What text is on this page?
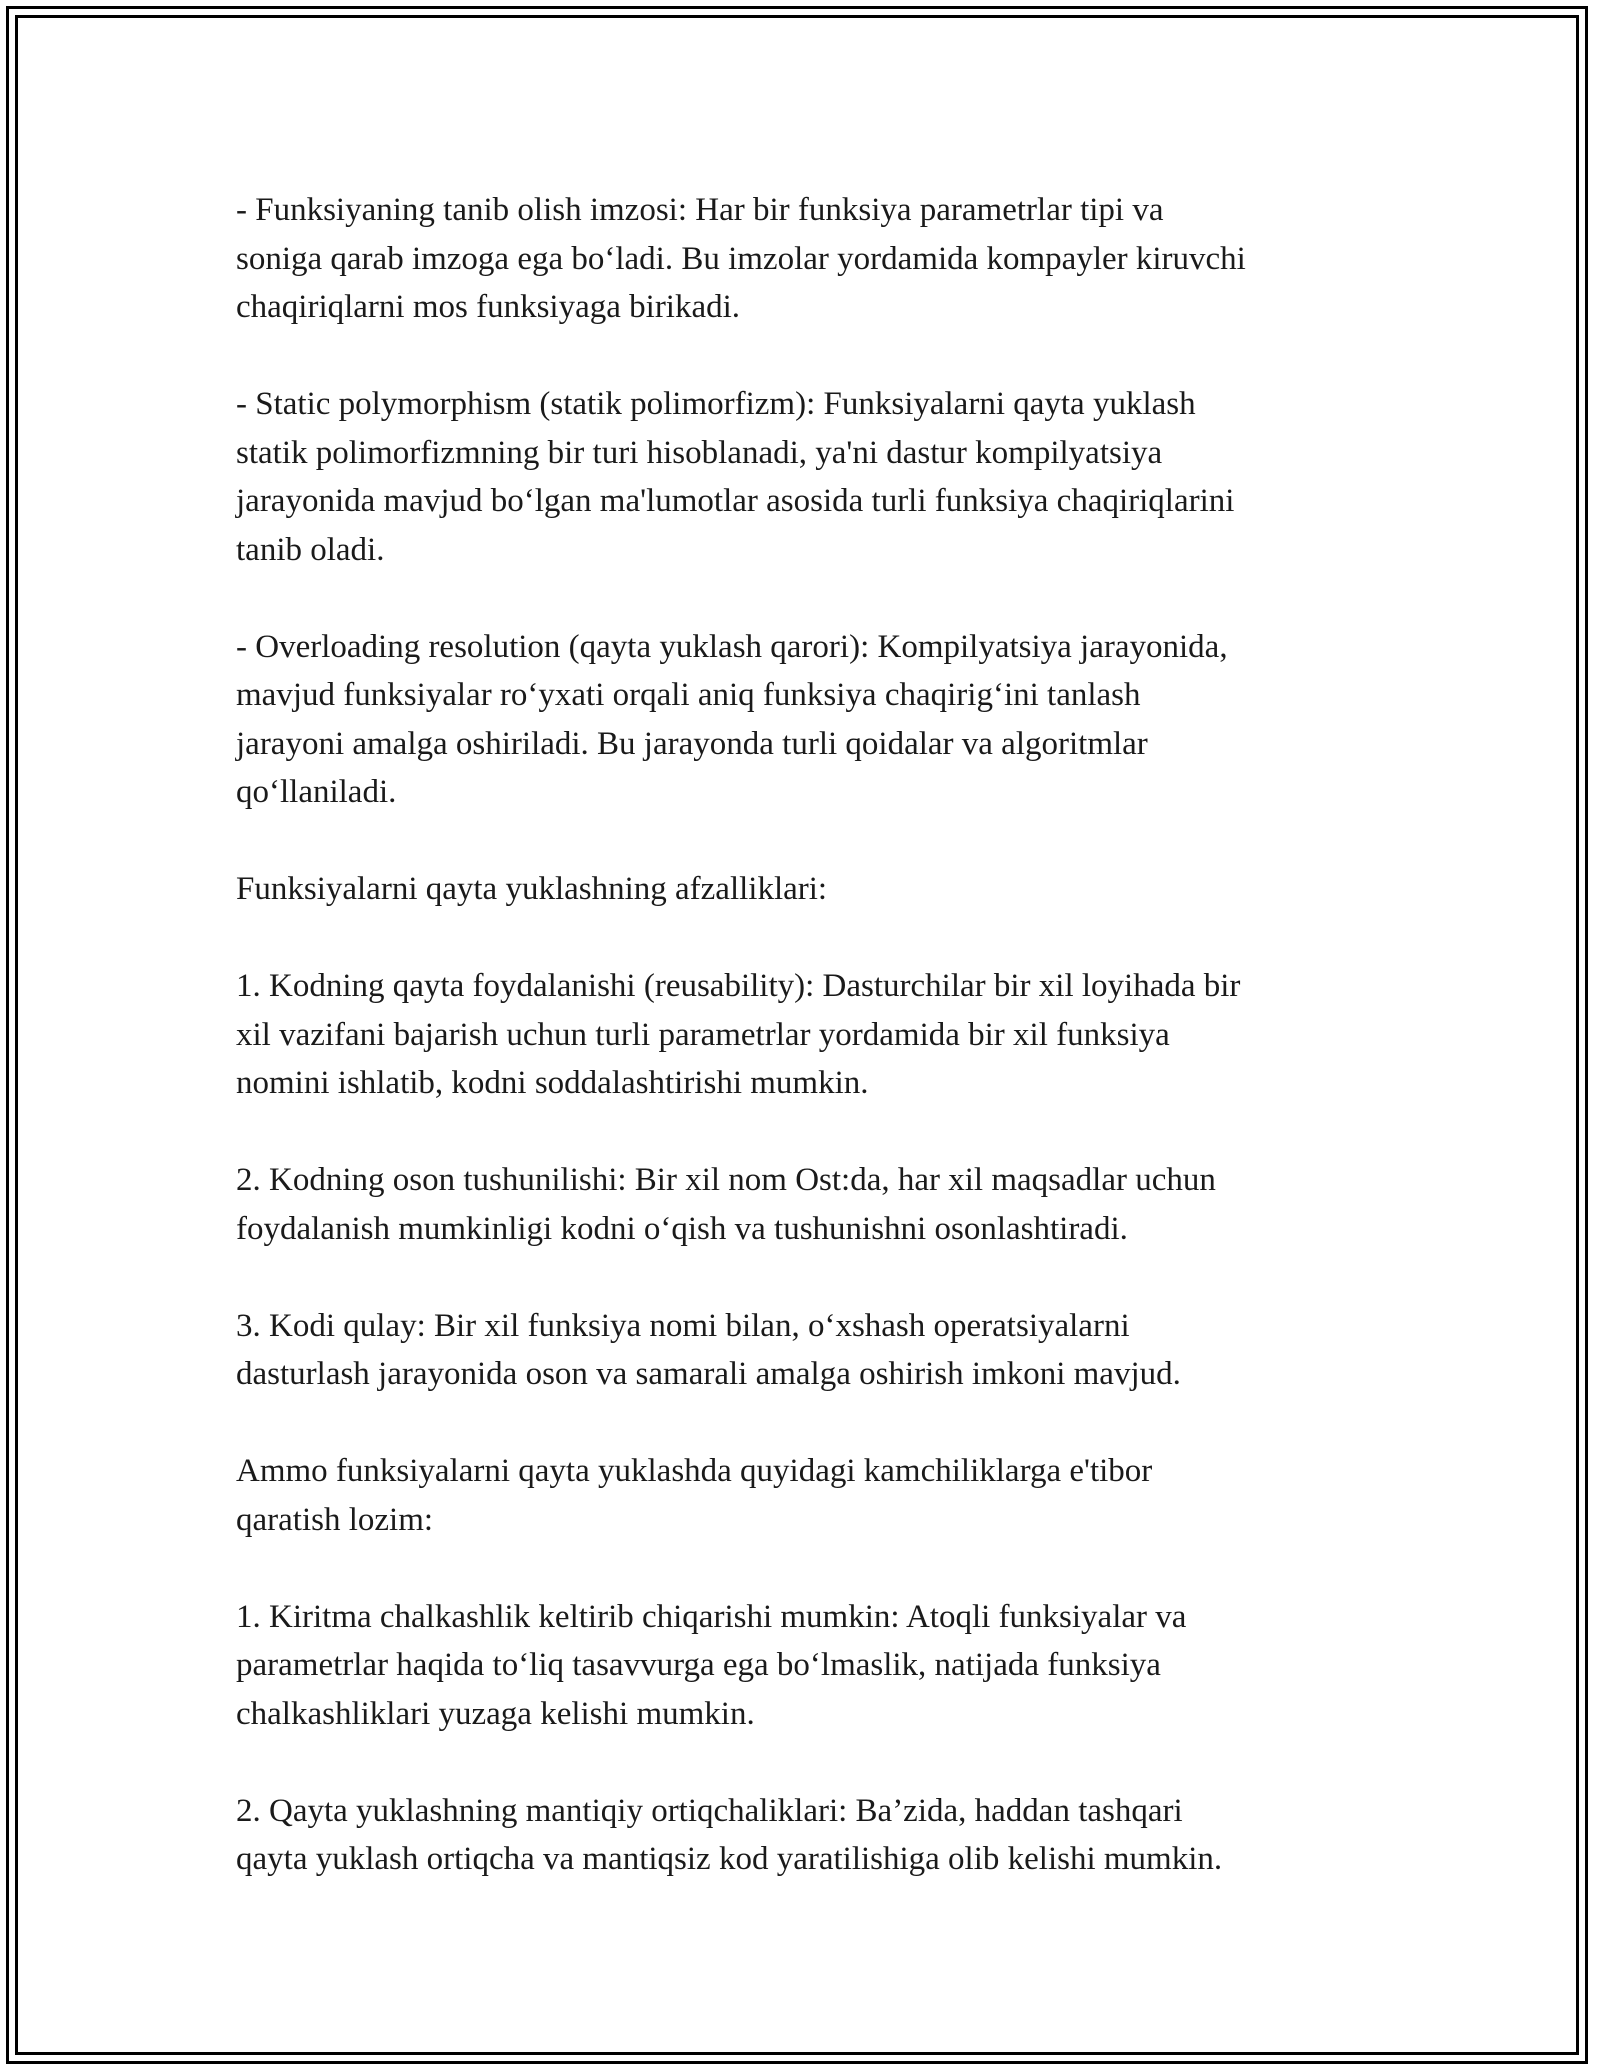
- Funksiyaning tanib olish imzosi: Har bir funksiya parametrlar tipi va
soniga qarab imzoga ega bo‘ladi. Bu imzolar yordamida kompayler kiruvchi
chaqiriqlarni mos funksiyaga birikadi.

- Static polymorphism (statik polimorfizm): Funksiyalarni qayta yuklash
statik polimorfizmning bir turi hisoblanadi, ya'ni dastur kompilyatsiya
jarayonida mavjud bo‘lgan ma'lumotlar asosida turli funksiya chaqiriqlarini
tanib oladi.

- Overloading resolution (qayta yuklash qarori): Kompilyatsiya jarayonida,
mavjud funksiyalar ro‘yxati orqali aniq funksiya chaqirig‘ini tanlash
jarayoni amalga oshiriladi. Bu jarayonda turli qoidalar va algoritmlar
qo‘llaniladi.

Funksiyalarni qayta yuklashning afzalliklari:

1. Kodning qayta foydalanishi (reusability): Dasturchilar bir xil loyihada bir
xil vazifani bajarish uchun turli parametrlar yordamida bir xil funksiya
nomini ishlatib, kodni soddalashtirishi mumkin.

2. Kodning oson tushunilishi: Bir xil nom Ost:da, har xil maqsadlar uchun
foydalanish mumkinligi kodni o‘qish va tushunishni osonlashtiradi.

3. Kodi qulay: Bir xil funksiya nomi bilan, o‘xshash operatsiyalarni
dasturlash jarayonida oson va samarali amalga oshirish imkoni mavjud.

Ammo funksiyalarni qayta yuklashda quyidagi kamchiliklarga e'tibor
qaratish lozim:

1. Kiritma chalkashlik keltirib chiqarishi mumkin: Atoqli funksiyalar va
parametrlar haqida to‘liq tasavvurga ega bo‘lmaslik, natijada funksiya
chalkashliklari yuzaga kelishi mumkin.

2. Qayta yuklashning mantiqiy ortiqchaliklari: Ba’zida, haddan tashqari
qayta yuklash ortiqcha va mantiqsiz kod yaratilishiga olib kelishi mumkin.
